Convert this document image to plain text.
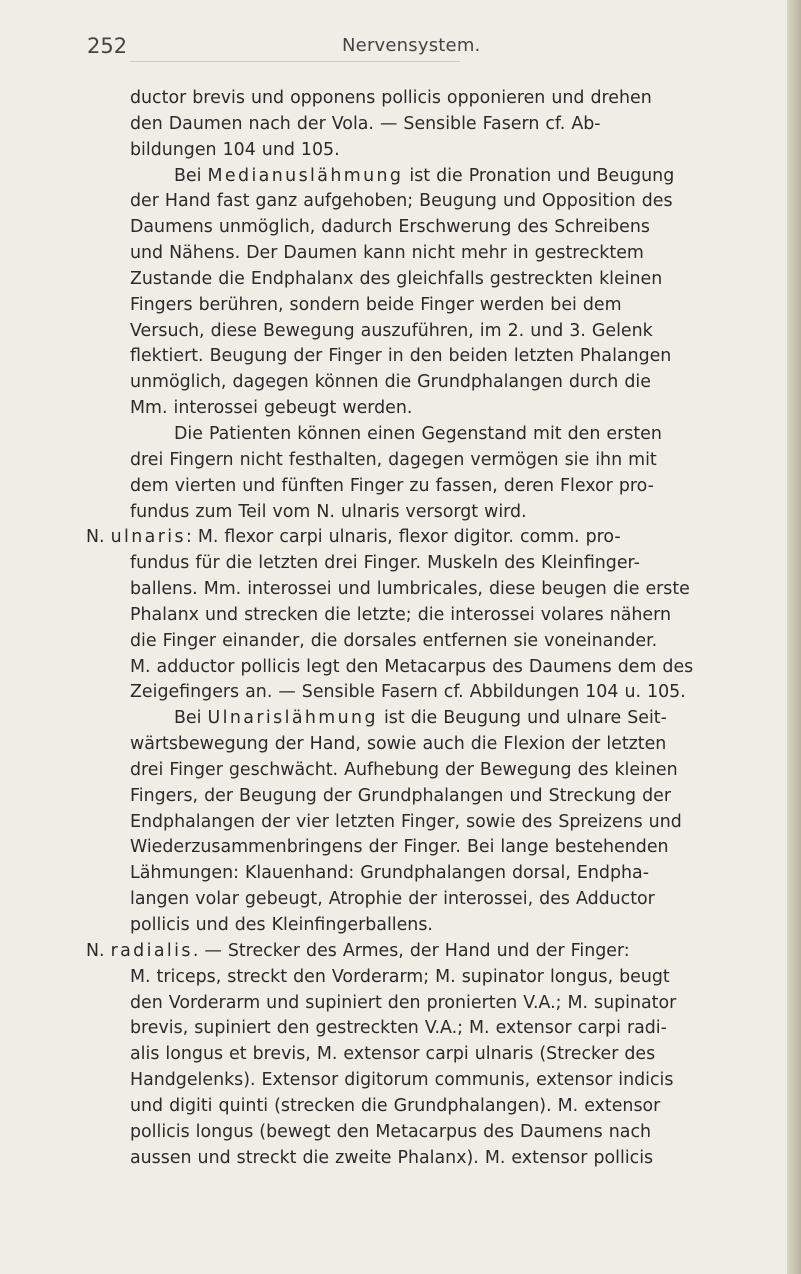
252	Nervensystem.
ductor brevis und opponens pollicis opponieren und drehen
den Daumen nach der Vola. — Sensible Fasern cf. Ab-
bildungen 104 und 105.
Bei Medianuslähmung ist die Pronation und Beugung
der Hand fast ganz aufgehoben; Beugung und Opposition des
Daumens unmöglich, dadurch Erschwerung des Schreibens
und Nähens. Der Daumen kann nicht mehr in gestrecktem
Zustande die Endphalanx des gleichfalls gestreckten kleinen
Fingers berühren, sondern beide Finger werden bei dem
Versuch, diese Bewegung auszuführen, im 2. und 3. Gelenk
flektiert. Beugung der Finger in den beiden letzten Phalangen
unmöglich, dagegen können die Grundphalangen durch die
Mm. interossei gebeugt werden.
Die Patienten können einen Gegenstand mit den ersten
drei Fingern nicht festhalten, dagegen vermögen sie ihn mit
dem vierten und fünften Finger zu fassen, deren Flexor pro-
fundus zum Teil vom N. ulnaris versorgt wird.
N. ulnaris: M. flexor carpi ulnaris, flexor digitor. comm. pro-
fundus für die letzten drei Finger. Muskeln des Kleinfinger-
ballens. Mm. interossei und lumbricales, diese beugen die erste
Phalanx und strecken die letzte; die interossei volares nähern
die Finger einander, die dorsales entfernen sie voneinander.
M. adductor pollicis legt den Metacarpus des Daumens dem des
Zeigefingers an. — Sensible Fasern cf. Abbildungen 104 u. 105.
Bei Ulnarislähmung ist die Beugung und ulnare Seit-
wärtsbewegung der Hand, sowie auch die Flexion der letzten
drei Finger geschwächt. Aufhebung der Bewegung des kleinen
Fingers, der Beugung der Grundphalangen und Streckung der
Endphalangen der vier letzten Finger, sowie des Spreizens und
Wiederzusammenbringens der Finger. Bei lange bestehenden
Lähmungen: Klauenhand: Grundphalangen dorsal, Endpha-
langen volar gebeugt, Atrophie der interossei, des Adductor
pollicis und des Kleinfingerballens.
N. radialis. — Strecker des Armes, der Hand und der Finger:
M. triceps, streckt den Vorderarm; M. supinator longus, beugt
den Vorderarm und supiniert den pronierten V.A.; M. supinator
brevis, supiniert den gestreckten V.A.; M. extensor carpi radi-
alis longus et brevis, M. extensor carpi ulnaris (Strecker des
Handgelenks). Extensor digitorum communis, extensor indicis
und digiti quinti (strecken die Grundphalangen). M. extensor
pollicis longus (bewegt den Metacarpus des Daumens nach
aussen und streckt die zweite Phalanx). M. extensor pollicis
